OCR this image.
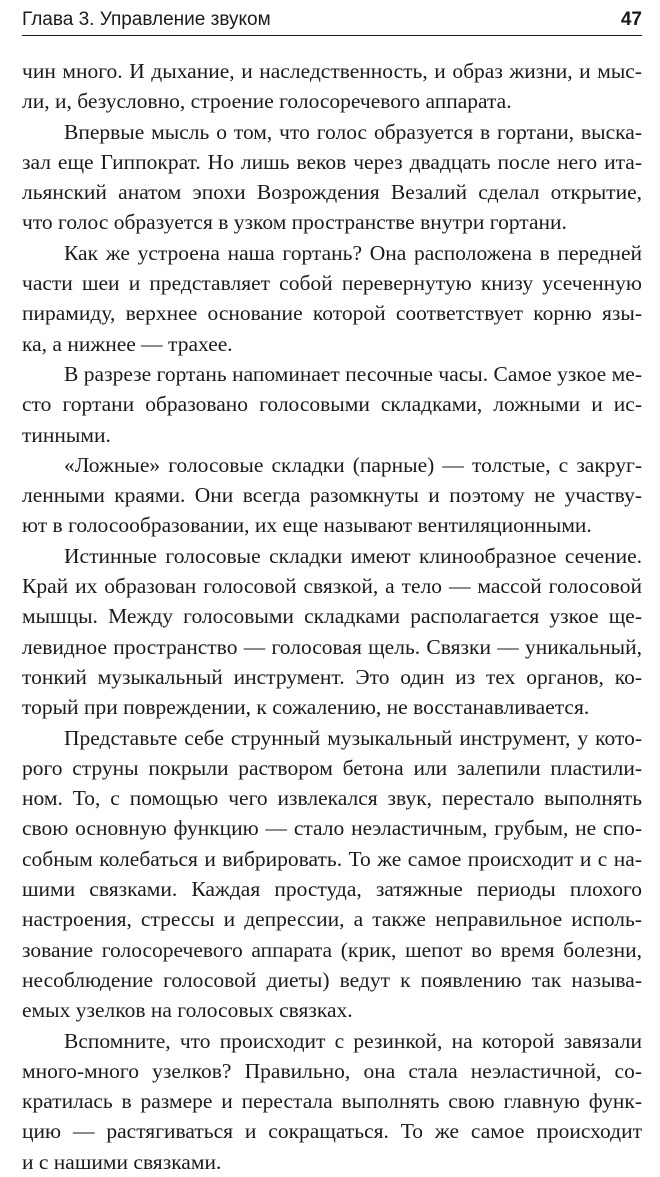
Глава 3. Управление звуком	47
чин много. И дыхание, и наследственность, и образ жизни, и мыс-
ли, и, безусловно, строение голосоречевого аппарата.
Впервые мысль о том, что голос образуется в гортани, выска-
зал еще Гиппократ. Но лишь веков через двадцать после него ита-
льянский анатом эпохи Возрождения Везалий сделал открытие,
что голос образуется в узком пространстве внутри гортани.
Как же устроена наша гортань? Она расположена в передней
части шеи и представляет собой перевернутую книзу усеченную
пирамиду, верхнее основание которой соответствует корню язы-
ка, а нижнее — трахее.
В разрезе гортань напоминает песочные часы. Самое узкое ме-
сто гортани образовано голосовыми складками, ложными и ис-
тинными.
«Ложные» голосовые складки (парные) — толстые, с закруг-
ленными краями. Они всегда разомкнуты и поэтому не участву-
ют в голосообразовании, их еще называют вентиляционными.
Истинные голосовые складки имеют клинообразное сечение.
Край их образован голосовой связкой, а тело — массой голосовой
мышцы. Между голосовыми складками располагается узкое ще-
левидное пространство — голосовая щель. Связки — уникальный,
тонкий музыкальный инструмент. Это один из тех органов, ко-
торый при повреждении, к сожалению, не восстанавливается.
Представьте себе струнный музыкальный инструмент, у кото-
рого струны покрыли раствором бетона или залепили пластили-
ном. То, с помощью чего извлекался звук, перестало выполнять
свою основную функцию — стало неэластичным, грубым, не спо-
собным колебаться и вибрировать. То же самое происходит и с на-
шими связками. Каждая простуда, затяжные периоды плохого
настроения, стрессы и депрессии, а также неправильное исполь-
зование голосоречевого аппарата (крик, шепот во время болезни,
несоблюдение голосовой диеты) ведут к появлению так называ-
емых узелков на голосовых связках.
Вспомните, что происходит с резинкой, на которой завязали
много-много узелков? Правильно, она стала неэластичной, со-
кратилась в размере и перестала выполнять свою главную функ-
цию — растягиваться и сокращаться. То же самое происходит
и с нашими связками.
